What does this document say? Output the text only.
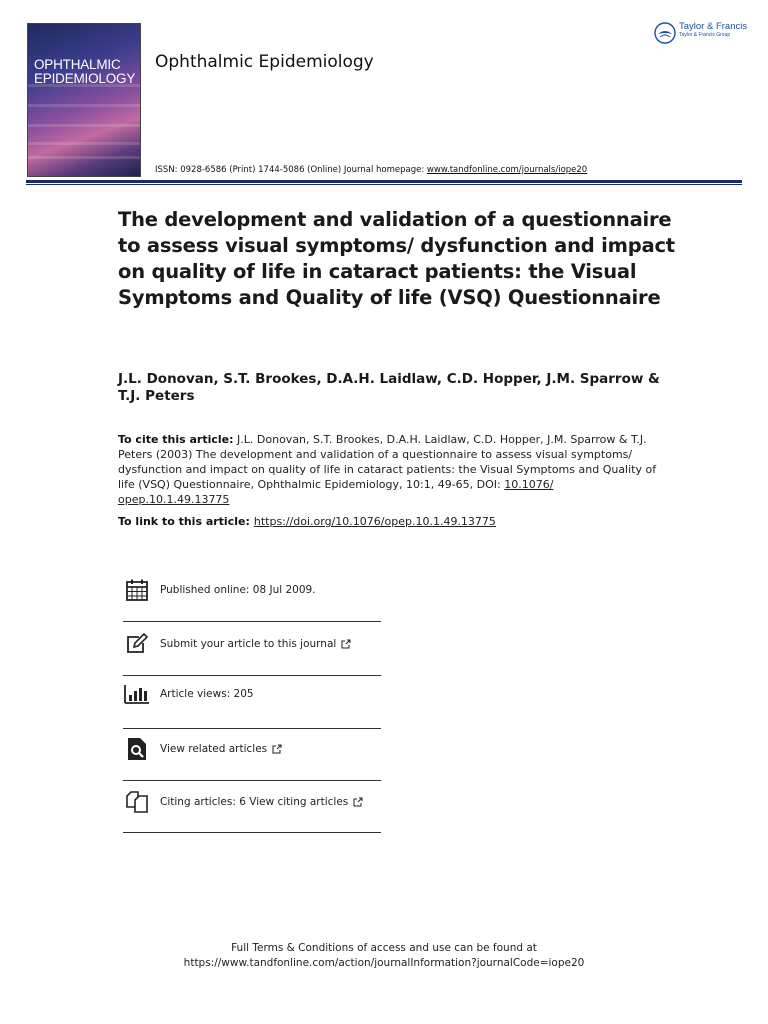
OPHTHALMIC EPIDEMIOLOGY
Ophthalmic Epidemiology
Taylor & Francis
Taylor & Francis Group
ISSN: 0928-6586 (Print) 1744-5086 (Online) Journal homepage: www.tandfonline.com/journals/iope20
The development and validation of a questionnaire to assess visual symptoms/ dysfunction and impact on quality of life in cataract patients: the Visual Symptoms and Quality of life (VSQ) Questionnaire
J.L. Donovan, S.T. Brookes, D.A.H. Laidlaw, C.D. Hopper, J.M. Sparrow & T.J. Peters
To cite this article: J.L. Donovan, S.T. Brookes, D.A.H. Laidlaw, C.D. Hopper, J.M. Sparrow & T.J. Peters (2003) The development and validation of a questionnaire to assess visual symptoms/ dysfunction and impact on quality of life in cataract patients: the Visual Symptoms and Quality of life (VSQ) Questionnaire, Ophthalmic Epidemiology, 10:1, 49-65, DOI: 10.1076/ opep.10.1.49.13775
To link to this article: https://doi.org/10.1076/opep.10.1.49.13775
Published online: 08 Jul 2009.
Submit your article to this journal
Article views: 205
View related articles
Citing articles: 6 View citing articles
Full Terms & Conditions of access and use can be found at
https://www.tandfonline.com/action/journalInformation?journalCode=iope20
